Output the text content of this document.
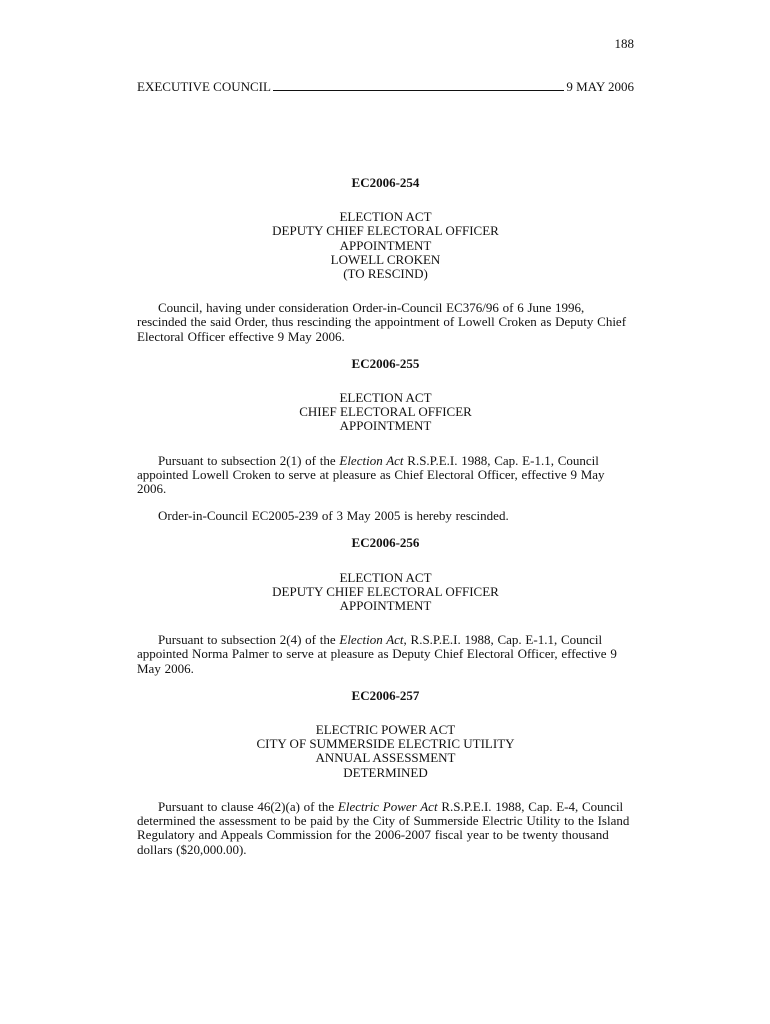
188
EXECUTIVE COUNCIL	9 MAY 2006
EC2006-254
ELECTION ACT
DEPUTY CHIEF ELECTORAL OFFICER
APPOINTMENT
LOWELL CROKEN
(TO RESCIND)

Council, having under consideration Order-in-Council EC376/96 of 6 June 1996, rescinded the said Order, thus rescinding the appointment of Lowell Croken as Deputy Chief Electoral Officer effective 9 May 2006.

EC2006-255
ELECTION ACT
CHIEF ELECTORAL OFFICER
APPOINTMENT

Pursuant to subsection 2(1) of the Election Act R.S.P.E.I. 1988, Cap. E-1.1, Council appointed Lowell Croken to serve at pleasure as Chief Electoral Officer, effective 9 May 2006.

Order-in-Council EC2005-239 of 3 May 2005 is hereby rescinded.

EC2006-256
ELECTION ACT
DEPUTY CHIEF ELECTORAL OFFICER
APPOINTMENT

Pursuant to subsection 2(4) of the Election Act, R.S.P.E.I. 1988, Cap. E-1.1, Council appointed Norma Palmer to serve at pleasure as Deputy Chief Electoral Officer, effective 9 May 2006.

EC2006-257
ELECTRIC POWER ACT
CITY OF SUMMERSIDE ELECTRIC UTILITY
ANNUAL ASSESSMENT
DETERMINED

Pursuant to clause 46(2)(a) of the Electric Power Act R.S.P.E.I. 1988, Cap. E-4, Council determined the assessment to be paid by the City of Summerside Electric Utility to the Island Regulatory and Appeals Commission for the 2006-2007 fiscal year to be twenty thousand dollars ($20,000.00).
